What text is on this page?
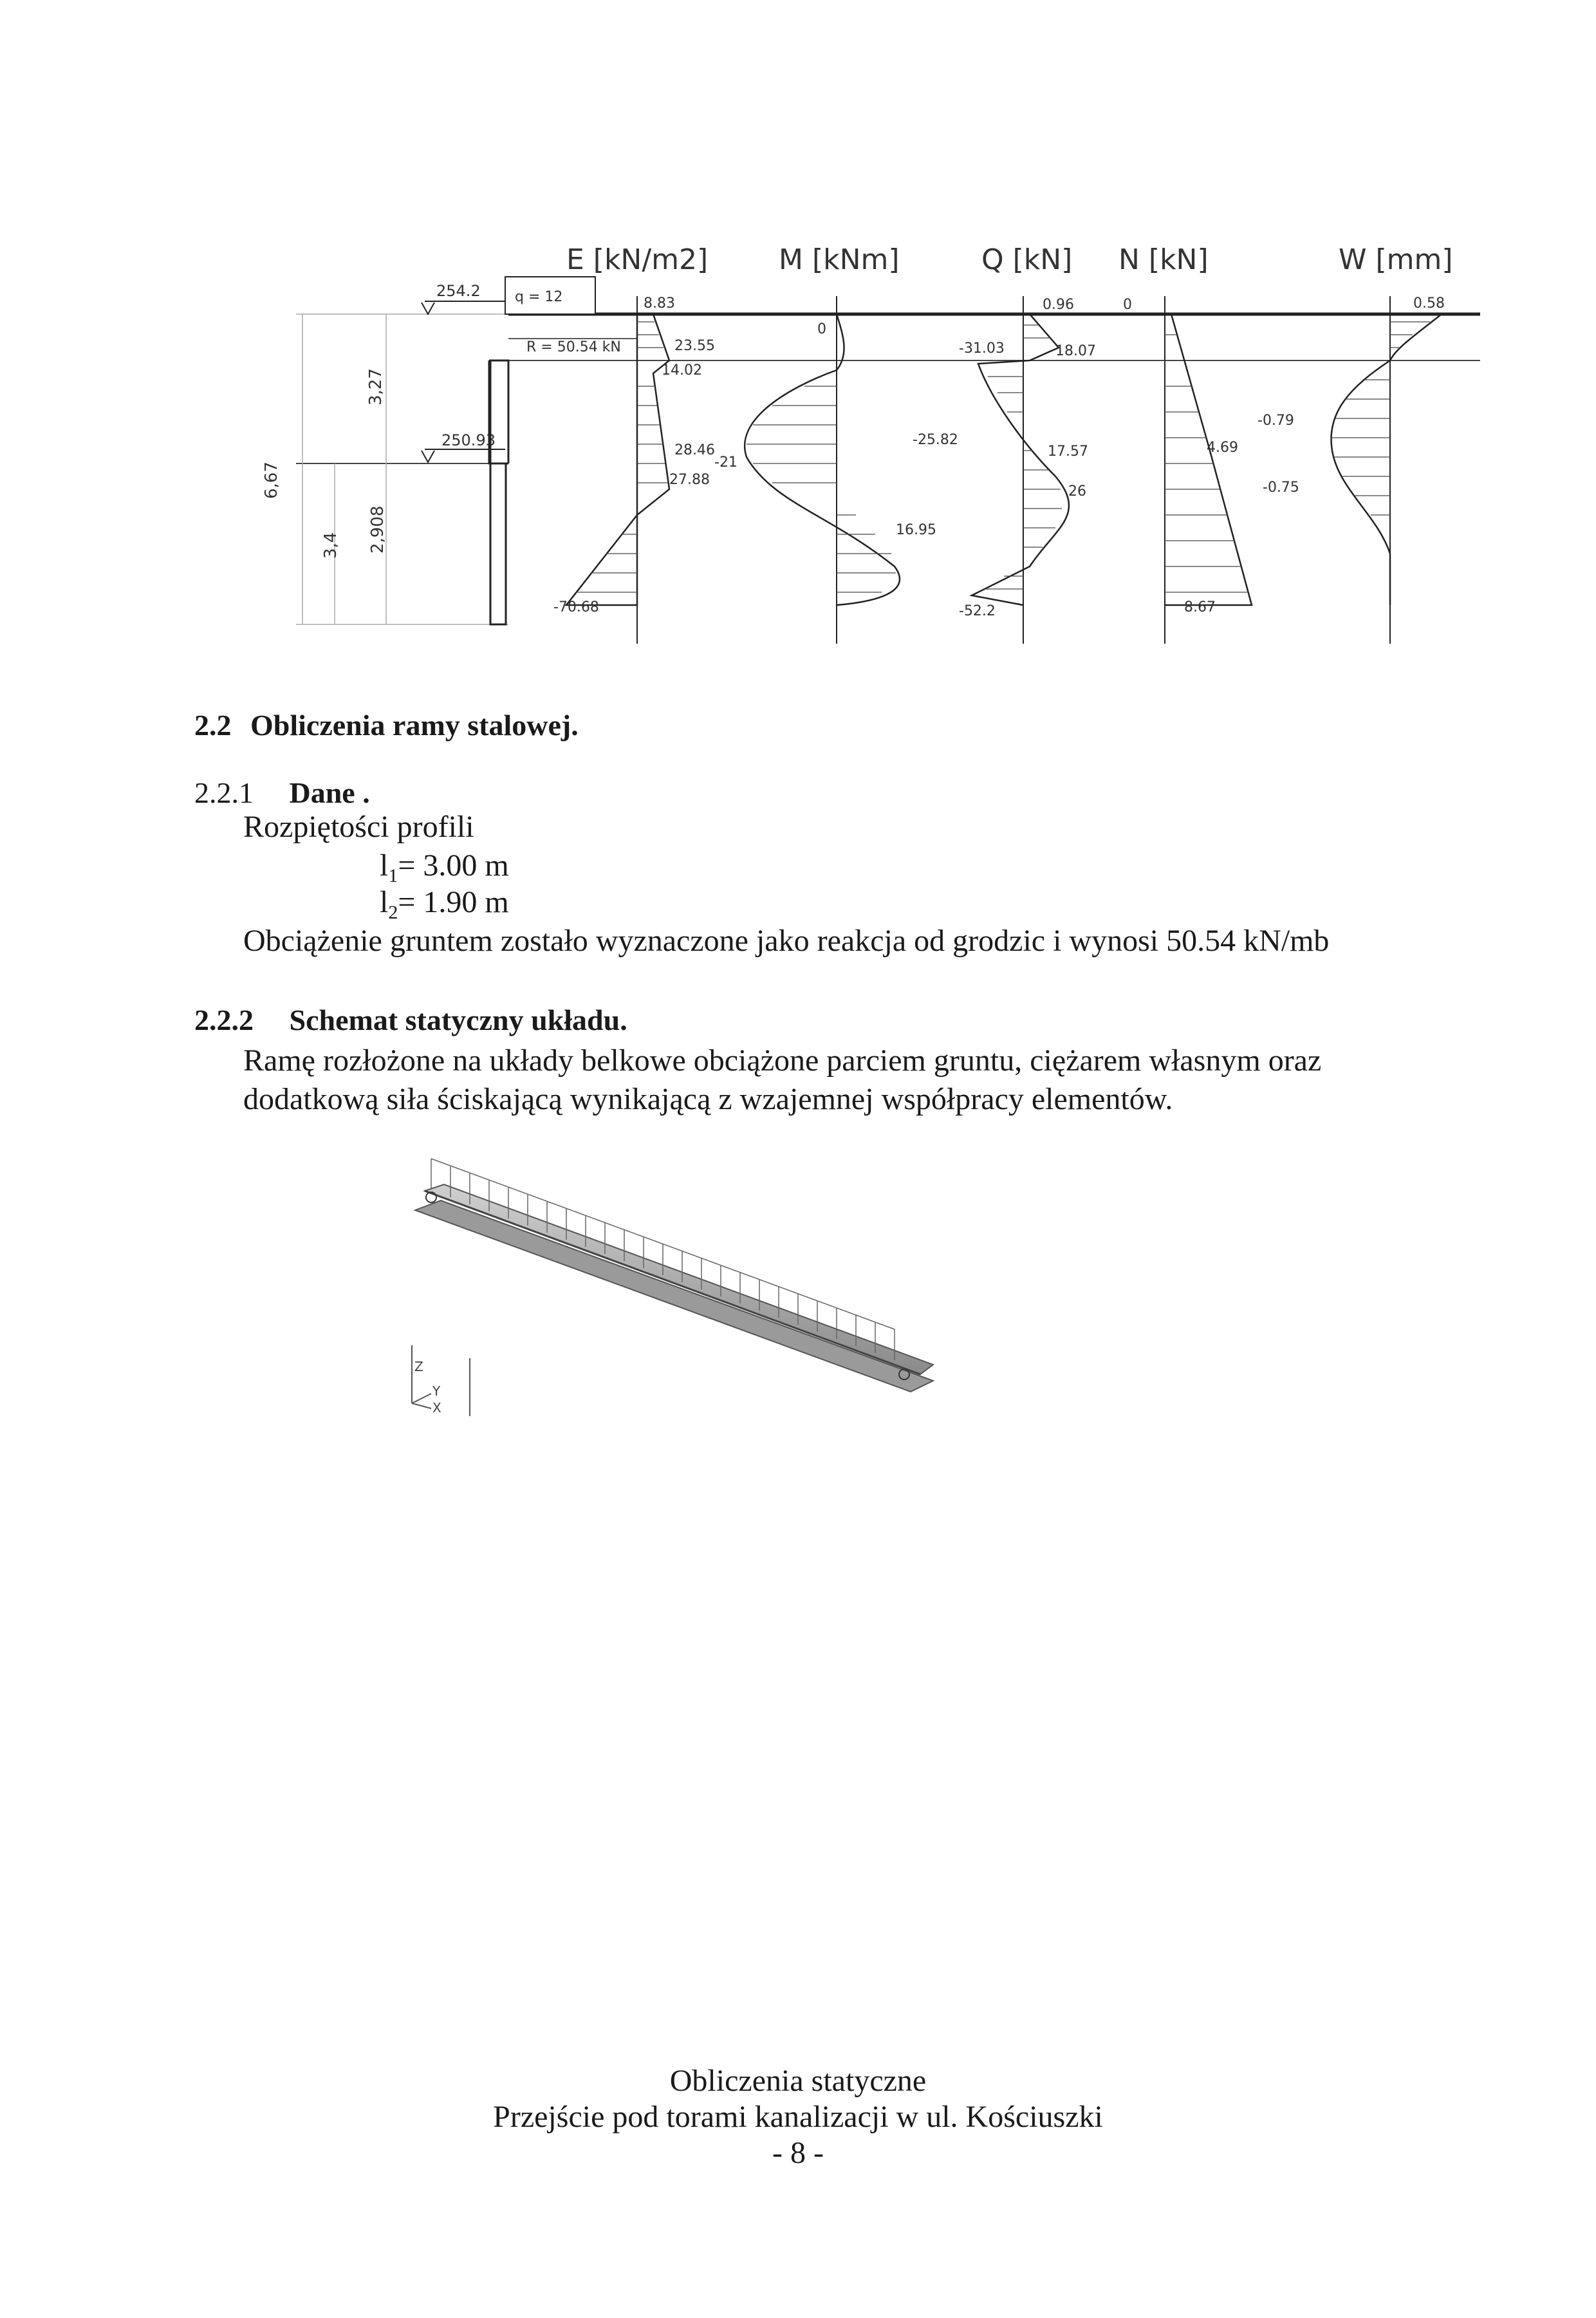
E [kN/m2] M [kNm]	Q [kN] N [kN]	W [mm]
254.2
250.93
3,27
6,67
3,4 2,908
q = 12
R = 50.54 kN
8.83
23.55
14.02
28.46
-21
27.88
-70.68
0
-25.82
16.95
0.96
-31.03	18.07
17.57
26
-52.2
0
4.69
8.67
0.58
-0.79
-0.75
2.2 Obliczenia ramy stalowej.
2.2.1 Dane .
Rozpiętości profili
$l_1= 3.00$ m
$l_2= 1.90$ m
Obciążenie gruntem zostało wyznaczone jako reakcja od grodzic i wynosi 50.54 kN/mb
2.2.2 Schemat statyczny układu.
Ramę rozłożone na układy belkowe obciążone parciem gruntu, ciężarem własnym oraz
dodatkową siła ściskającą wynikającą z wzajemnej współpracy elementów.
Z
Y
X
Obliczenia statyczne
Przejście pod torami kanalizacji w ul. Kościuszki
- 8 -
